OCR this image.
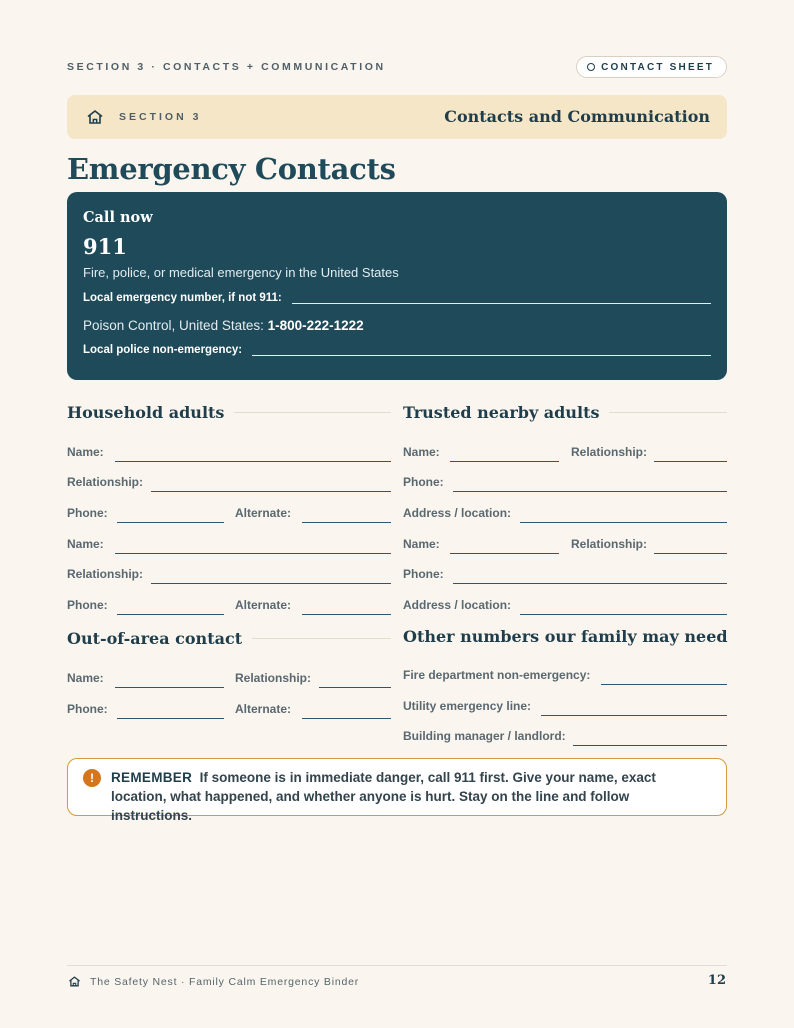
SECTION 3 · CONTACTS + COMMUNICATION	CONTACT SHEET
SECTION 3	Contacts and Communication
Emergency Contacts
Call now
911
Fire, police, or medical emergency in the United States
Local emergency number, if not 911:
Poison Control, United States: 1-800-222-1222
Local police non-emergency:
Household adults
Name:
Relationship:
Phone:	Alternate:
Name:
Relationship:
Phone:	Alternate:
Trusted nearby adults
Name:	Relationship:
Phone:
Address / location:
Name:	Relationship:
Phone:
Address / location:
Out-of-area contact
Name:	Relationship:
Phone:	Alternate:
Other numbers our family may need
Fire department non-emergency:
Utility emergency line:
Building manager / landlord:
!	REMEMBER If someone is in immediate danger, call 911 first. Give your name, exact location, what happened, and whether anyone is hurt. Stay on the line and follow instructions.
The Safety Nest · Family Calm Emergency Binder	12
